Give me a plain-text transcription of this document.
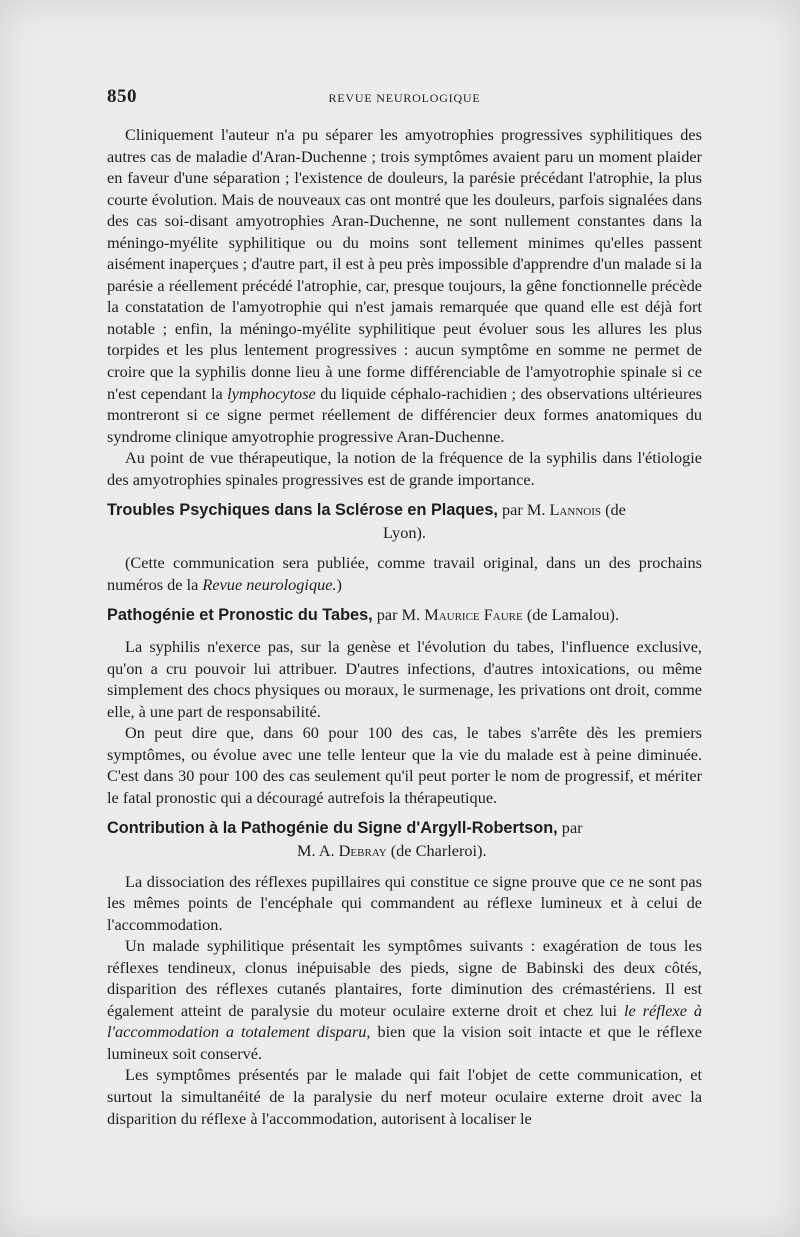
850	REVUE NEUROLOGIQUE

Cliniquement l'auteur n'a pu séparer les amyotrophies progressives syphilitiques des autres cas de maladie d'Aran-Duchenne ; trois symptômes avaient paru un moment plaider en faveur d'une séparation ; l'existence de douleurs, la parésie précédant l'atrophie, la plus courte évolution. Mais de nouveaux cas ont montré que les douleurs, parfois signalées dans des cas soi-disant amyotrophies Aran-Duchenne, ne sont nullement constantes dans la méningo-myélite syphilitique ou du moins sont tellement minimes qu'elles passent aisément inaperçues ; d'autre part, il est à peu près impossible d'apprendre d'un malade si la parésie a réellement précédé l'atrophie, car, presque toujours, la gêne fonctionnelle précède la constatation de l'amyotrophie qui n'est jamais remarquée que quand elle est déjà fort notable ; enfin, la méningo-myélite syphilitique peut évoluer sous les allures les plus torpides et les plus lentement progressives : aucun symptôme en somme ne permet de croire que la syphilis donne lieu à une forme différenciable de l'amyotrophie spinale si ce n'est cependant la lymphocytose du liquide céphalo-rachidien ; des observations ultérieures montreront si ce signe permet réellement de différencier deux formes anatomiques du syndrome clinique amyotrophie progressive Aran-Duchenne.

Au point de vue thérapeutique, la notion de la fréquence de la syphilis dans l'étiologie des amyotrophies spinales progressives est de grande importance.

Troubles Psychiques dans la Sclérose en Plaques, par M. Lannois (de
Lyon).

(Cette communication sera publiée, comme travail original, dans un des prochains numéros de la Revue neurologique.)

Pathogénie et Pronostic du Tabes, par M. Maurice Faure (de Lamalou).

La syphilis n'exerce pas, sur la genèse et l'évolution du tabes, l'influence exclusive, qu'on a cru pouvoir lui attribuer. D'autres infections, d'autres intoxications, ou même simplement des chocs physiques ou moraux, le surmenage, les privations ont droit, comme elle, à une part de responsabilité.

On peut dire que, dans 60 pour 100 des cas, le tabes s'arrête dès les premiers symptômes, ou évolue avec une telle lenteur que la vie du malade est à peine diminuée. C'est dans 30 pour 100 des cas seulement qu'il peut porter le nom de progressif, et mériter le fatal pronostic qui a découragé autrefois la thérapeutique.

Contribution à la Pathogénie du Signe d'Argyll-Robertson, par
M. A. Debray (de Charleroi).

La dissociation des réflexes pupillaires qui constitue ce signe prouve que ce ne sont pas les mêmes points de l'encéphale qui commandent au réflexe lumineux et à celui de l'accommodation.

Un malade syphilitique présentait les symptômes suivants : exagération de tous les réflexes tendineux, clonus inépuisable des pieds, signe de Babinski des deux côtés, disparition des réflexes cutanés plantaires, forte diminution des crémastériens. Il est également atteint de paralysie du moteur oculaire externe droit et chez lui le réflexe à l'accommodation a totalement disparu, bien que la vision soit intacte et que le réflexe lumineux soit conservé.

Les symptômes présentés par le malade qui fait l'objet de cette communication, et surtout la simultanéité de la paralysie du nerf moteur oculaire externe droit avec la disparition du réflexe à l'accommodation, autorisent à localiser le
